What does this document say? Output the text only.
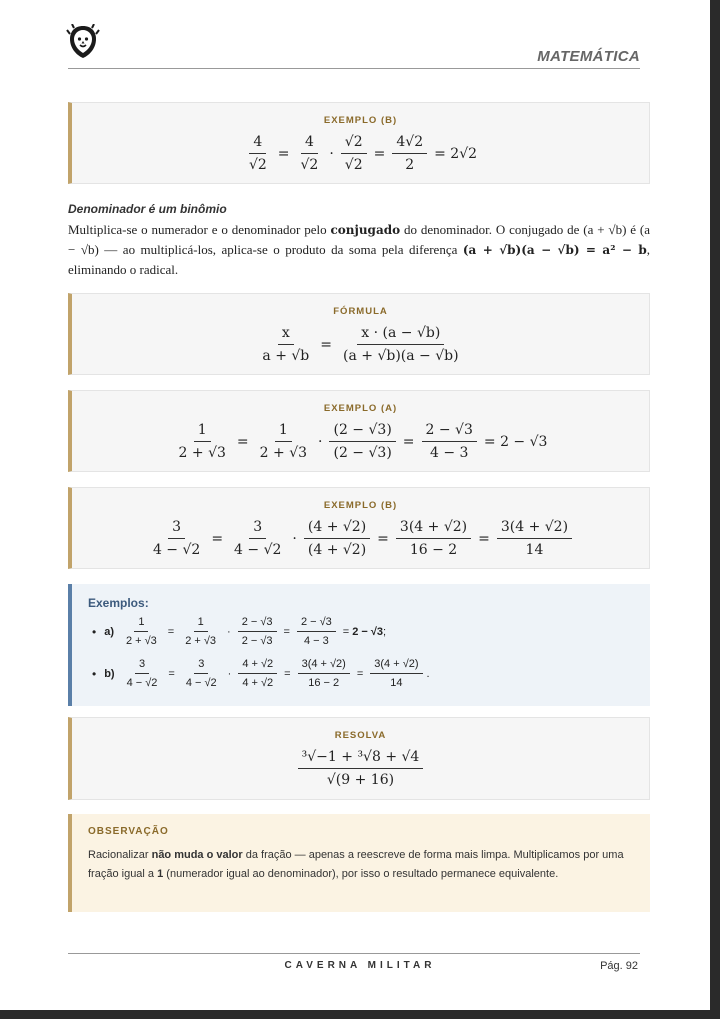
MATEMÁTICA
EXEMPLO (B)
$\frac{4}{√2} = \frac{4}{√2} \cdot \frac{√2}{√2} = \frac{4√2}{2} = 2√2$
Denominador é um binômio
Multiplica-se o numerador e o denominador pelo conjugado do denominador. O conjugado de (a + √b) é (a − √b) — ao multiplicá-los, aplica-se o produto da soma pela diferença (a + √b)(a − √b) = a² − b, eliminando o radical.
FÓRMULA
$\frac{x}{a + √b} = \frac{x \cdot (a - √b)}{(a + √b)(a - √b)}$
EXEMPLO (A)
$\frac{1}{2 + √3} = \frac{1}{2 + √3} \cdot \frac{(2 - √3)}{(2 - √3)} = \frac{2 - √3}{4 - 3} = 2 - √3$
EXEMPLO (B)
$\frac{3}{4 - √2} = \frac{3}{4 - √2} \cdot \frac{(4 + √2)}{(4 + √2)} = \frac{3(4 + √2)}{16 - 2} = \frac{3(4 + √2)}{14}$
Exemplos:
• $a) \frac{1}{2 + √3} = \frac{1}{2 + √3} \cdot \frac{2 - √3}{2 - √3} = \frac{2 - √3}{4 - 3} = 2 - √3$ ;
• $b) \frac{3}{4 - √2} = \frac{3}{4 - √2} \cdot \frac{4 + √2}{4 + √2} = \frac{3(4 + √2)}{16 - 2} = \frac{3(4 + √2)}{14}$ .
RESOLVA
$\frac{\text{³√−1 + ³√8 + √4}}{√(9 + 16)}$
OBSERVAÇÃO
Racionalizar não muda o valor da fração — apenas a reescreve de forma mais limpa. Multiplicamos por uma fração igual a 1 (numerador igual ao denominador), por isso o resultado permanece equivalente.
CAVERNA MILITAR	Pág. 92
